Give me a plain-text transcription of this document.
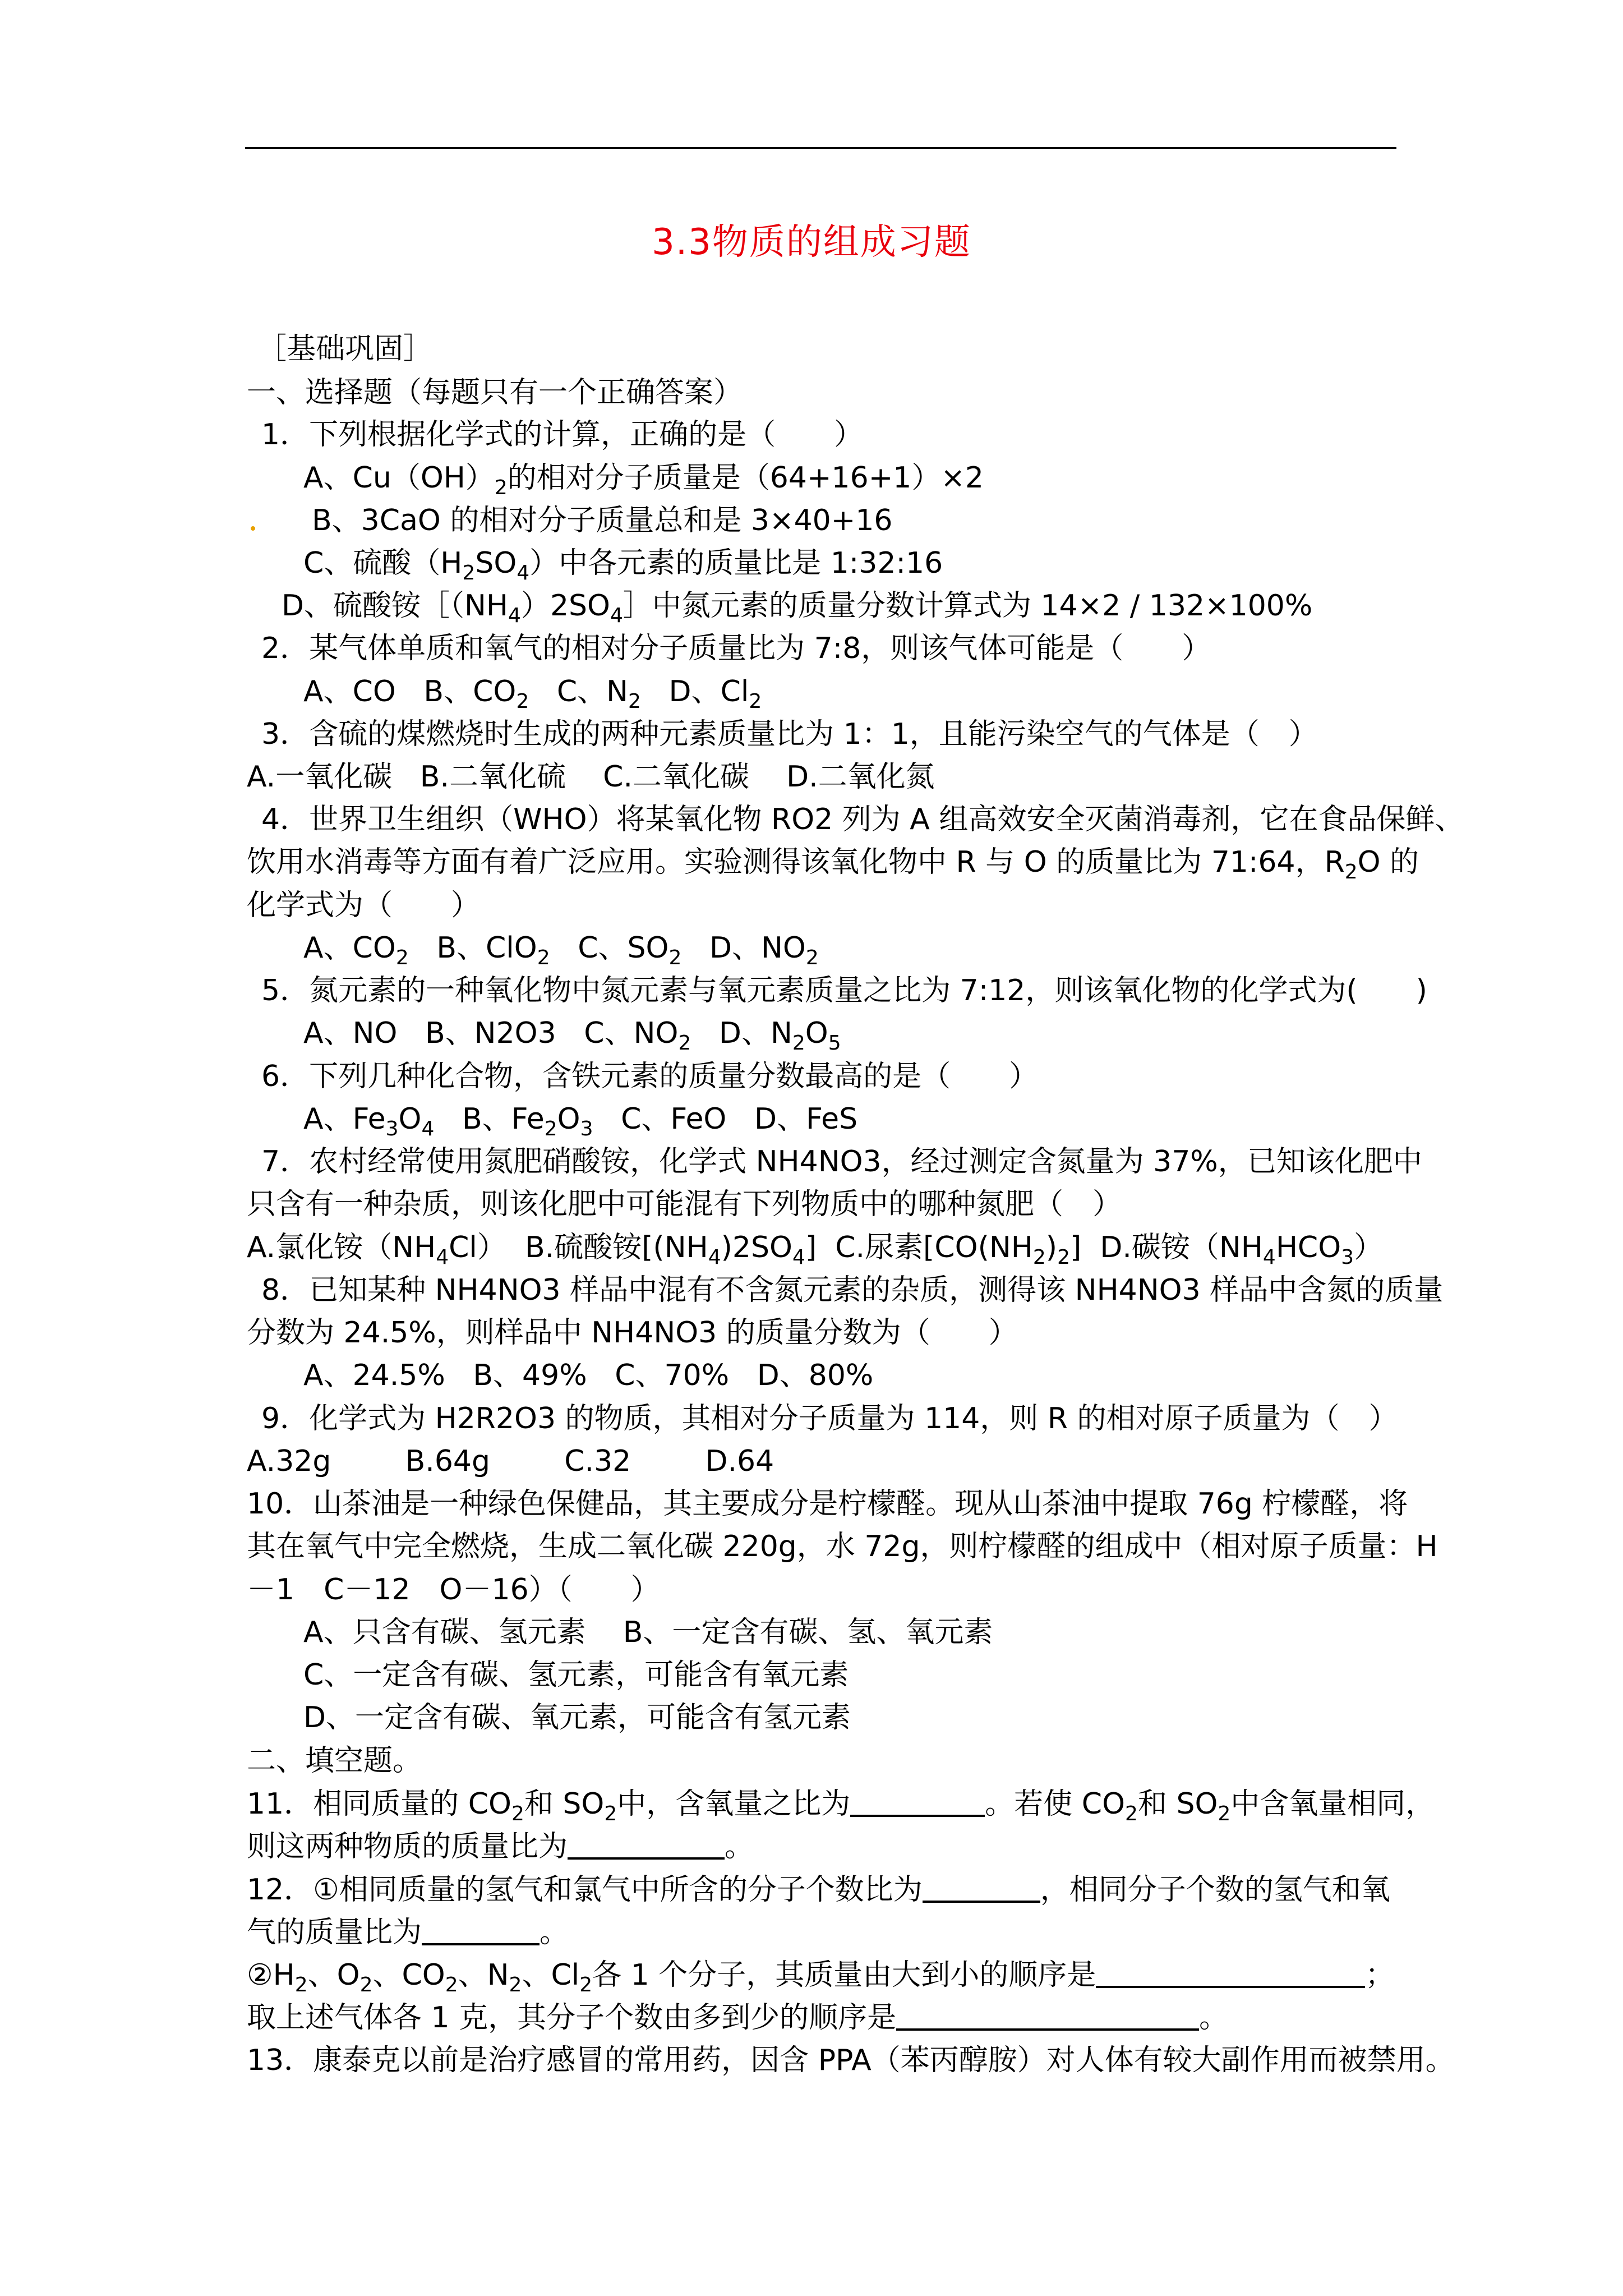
3.3物质的组成习题
［基础巩固］
一、选择题（每题只有一个正确答案）
1．下列根据化学式的计算，正确的是（　　）
A、$Cu(OH)_2$的相对分子质量是（64+16+1）×2
B、3CaO 的相对分子质量总和是 3×40+16
C、硫酸$(H_2SO_4)$中各元素的质量比是 1:32:16
D、硫酸铵$[(NH_4)2SO_4]$中氮元素的质量分数计算式为 14×2 / 132×100%
2．某气体单质和氧气的相对分子质量比为 7:8，则该气体可能是（　　）
A、CO B、$CO_2$ C、$N_2$ D、$Cl_2$
3．含硫的煤燃烧时生成的两种元素质量比为 1：1，且能污染空气的气体是（　）
A.一氧化碳 B.二氧化硫 C.二氧化碳 D.二氧化氮
4．世界卫生组织（WHO）将某氧化物 RO2 列为 A 组高效安全灭菌消毒剂，它在食品保鲜、
饮用水消毒等方面有着广泛应用。实验测得该氧化物中 R 与 O 的质量比为 71:64，$R_2O$ 的
化学式为（　　）
A、$CO_2$ B、ClO$_2$ C、$SO_2$ D、$NO_2$
5．氮元素的一种氧化物中氮元素与氧元素质量之比为 7:12，则该氧化物的化学式为(　　)
A、NO B、N2O3 C、$NO_2$ D、$N_2O_5$
6．下列几种化合物，含铁元素的质量分数最高的是（　　）
A、$Fe_3O_4$ B、$Fe_2O_3$ C、FeO D、FeS
7．农村经常使用氮肥硝酸铵，化学式 NH4NO3，经过测定含氮量为 37%，已知该化肥中
只含有一种杂质，则该化肥中可能混有下列物质中的哪种氮肥（　）
A.氯化铵$(NH_4Cl)$ B.硫酸铵$[(NH_4)2SO_4]$ C.尿素$[CO(NH_2)_2]$ D.碳铵$(NH_4HCO_3)$
8．已知某种 NH4NO3 样品中混有不含氮元素的杂质，测得该 NH4NO3 样品中含氮的质量
分数为 24.5%，则样品中 NH4NO3 的质量分数为（　　）
A、24.5% B、49% C、70% D、80%
9．化学式为 H2R2O3 的物质，其相对分子质量为 114，则 R 的相对原子质量为（　）
A.32g	B.64g	C.32	D.64
10．山茶油是一种绿色保健品，其主要成分是柠檬醛。现从山茶油中提取 76g 柠檬醛，将
其在氧气中完全燃烧，生成二氧化碳 220g，水 72g，则柠檬醛的组成中（相对原子质量：H
－1　C－12　O－16）（　　）
A、只含有碳、氢元素 B、一定含有碳、氢、氧元素
C、一定含有碳、氢元素，可能含有氧元素
D、一定含有碳、氧元素，可能含有氢元素
二、填空题。
11．相同质量的 $CO_2$和 $SO_2$中，含氧量之比为	。若使 $CO_2$和 $SO_2$中含氧量相同，
则这两种物质的质量比为	。
12．①相同质量的氢气和氯气中所含的分子个数比为	，相同分子个数的氢气和氧
气的质量比为	。
$②H_2$、$O_2$、$CO_2$、$N_2$、$Cl_2$各 1 个分子，其质量由大到小的顺序是	；
取上述气体各 1 克，其分子个数由多到少的顺序是	。
13．康泰克以前是治疗感冒的常用药，因含 PPA（苯丙醇胺）对人体有较大副作用而被禁用。
